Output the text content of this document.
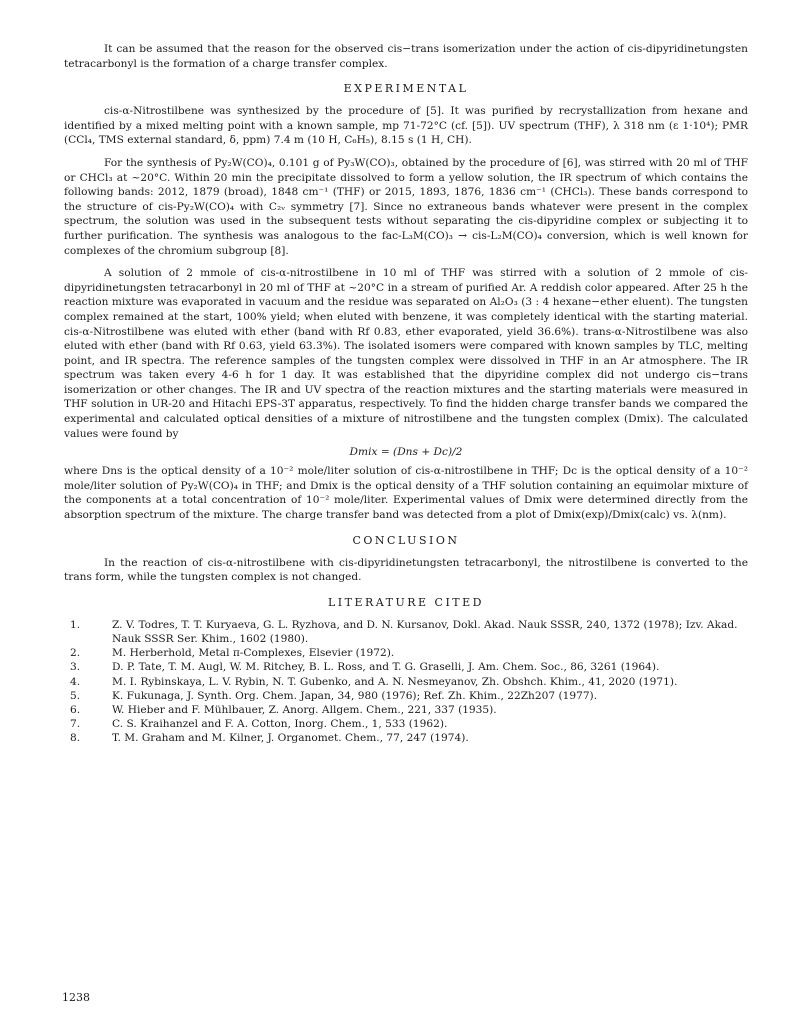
It can be assumed that the reason for the observed cis−trans isomerization under the action of cis-dipyridinetungsten tetracarbonyl is the formation of a charge transfer complex.

EXPERIMENTAL

cis-α-Nitrostilbene was synthesized by the procedure of [5]. It was purified by recrystallization from hexane and identified by a mixed melting point with a known sample, mp 71-72°C (cf. [5]). UV spectrum (THF), λ 318 nm (ε 1·10⁴); PMR (CCl₄, TMS external standard, δ, ppm) 7.4 m (10 H, C₆H₅), 8.15 s (1 H, CH).

For the synthesis of Py₂W(CO)₄, 0.101 g of Py₃W(CO)₃, obtained by the procedure of [6], was stirred with 20 ml of THF or CHCl₃ at ~20°C. Within 20 min the precipitate dissolved to form a yellow solution, the IR spectrum of which contains the following bands: 2012, 1879 (broad), 1848 cm⁻¹ (THF) or 2015, 1893, 1876, 1836 cm⁻¹ (CHCl₃). These bands correspond to the structure of cis-Py₂W(CO)₄ with C₂ᵥ symmetry [7]. Since no extraneous bands whatever were present in the complex spectrum, the solution was used in the subsequent tests without separating the cis-dipyridine complex or subjecting it to further purification. The synthesis was analogous to the fac-L₃M(CO)₃ → cis-L₂M(CO)₄ conversion, which is well known for complexes of the chromium subgroup [8].

A solution of 2 mmole of cis-α-nitrostilbene in 10 ml of THF was stirred with a solution of 2 mmole of cis-dipyridinetungsten tetracarbonyl in 20 ml of THF at ~20°C in a stream of purified Ar. A reddish color appeared. After 25 h the reaction mixture was evaporated in vacuum and the residue was separated on Al₂O₃ (3 : 4 hexane−ether eluent). The tungsten complex remained at the start, 100% yield; when eluted with benzene, it was completely identical with the starting material. cis-α-Nitrostilbene was eluted with ether (band with Rf 0.83, ether evaporated, yield 36.6%). trans-α-Nitrostilbene was also eluted with ether (band with Rf 0.63, yield 63.3%). The isolated isomers were compared with known samples by TLC, melting point, and IR spectra. The reference samples of the tungsten complex were dissolved in THF in an Ar atmosphere. The IR spectrum was taken every 4-6 h for 1 day. It was established that the dipyridine complex did not undergo cis−trans isomerization or other changes. The IR and UV spectra of the reaction mixtures and the starting materials were measured in THF solution in UR-20 and Hitachi EPS-3T apparatus, respectively. To find the hidden charge transfer bands we compared the experimental and calculated optical densities of a mixture of nitrostilbene and the tungsten complex (Dmix). The calculated values were found by

Dmix = (Dns + Dc)/2

where Dns is the optical density of a 10⁻² mole/liter solution of cis-α-nitrostilbene in THF; Dc is the optical density of a 10⁻² mole/liter solution of Py₂W(CO)₄ in THF; and Dmix is the optical density of a THF solution containing an equimolar mixture of the components at a total concentration of 10⁻² mole/liter. Experimental values of Dmix were determined directly from the absorption spectrum of the mixture. The charge transfer band was detected from a plot of Dmix(exp)/Dmix(calc) vs. λ(nm).

CONCLUSION

In the reaction of cis-α-nitrostilbene with cis-dipyridinetungsten tetracarbonyl, the nitrostilbene is converted to the trans form, while the tungsten complex is not changed.

LITERATURE CITED
1.	Z. V. Todres, T. T. Kuryaeva, G. L. Ryzhova, and D. N. Kursanov, Dokl. Akad. Nauk SSSR, 240, 1372 (1978); Izv. Akad. Nauk SSSR Ser. Khim., 1602 (1980).
2.	M. Herberhold, Metal π-Complexes, Elsevier (1972).
3.	D. P. Tate, T. M. Augl, W. M. Ritchey, B. L. Ross, and T. G. Graselli, J. Am. Chem. Soc., 86, 3261 (1964).
4.	M. I. Rybinskaya, L. V. Rybin, N. T. Gubenko, and A. N. Nesmeyanov, Zh. Obshch. Khim., 41, 2020 (1971).
5.	K. Fukunaga, J. Synth. Org. Chem. Japan, 34, 980 (1976); Ref. Zh. Khim., 22Zh207 (1977).
6.	W. Hieber and F. Mühlbauer, Z. Anorg. Allgem. Chem., 221, 337 (1935).
7.	C. S. Kraihanzel and F. A. Cotton, Inorg. Chem., 1, 533 (1962).
8.	T. M. Graham and M. Kilner, J. Organomet. Chem., 77, 247 (1974).
1238
